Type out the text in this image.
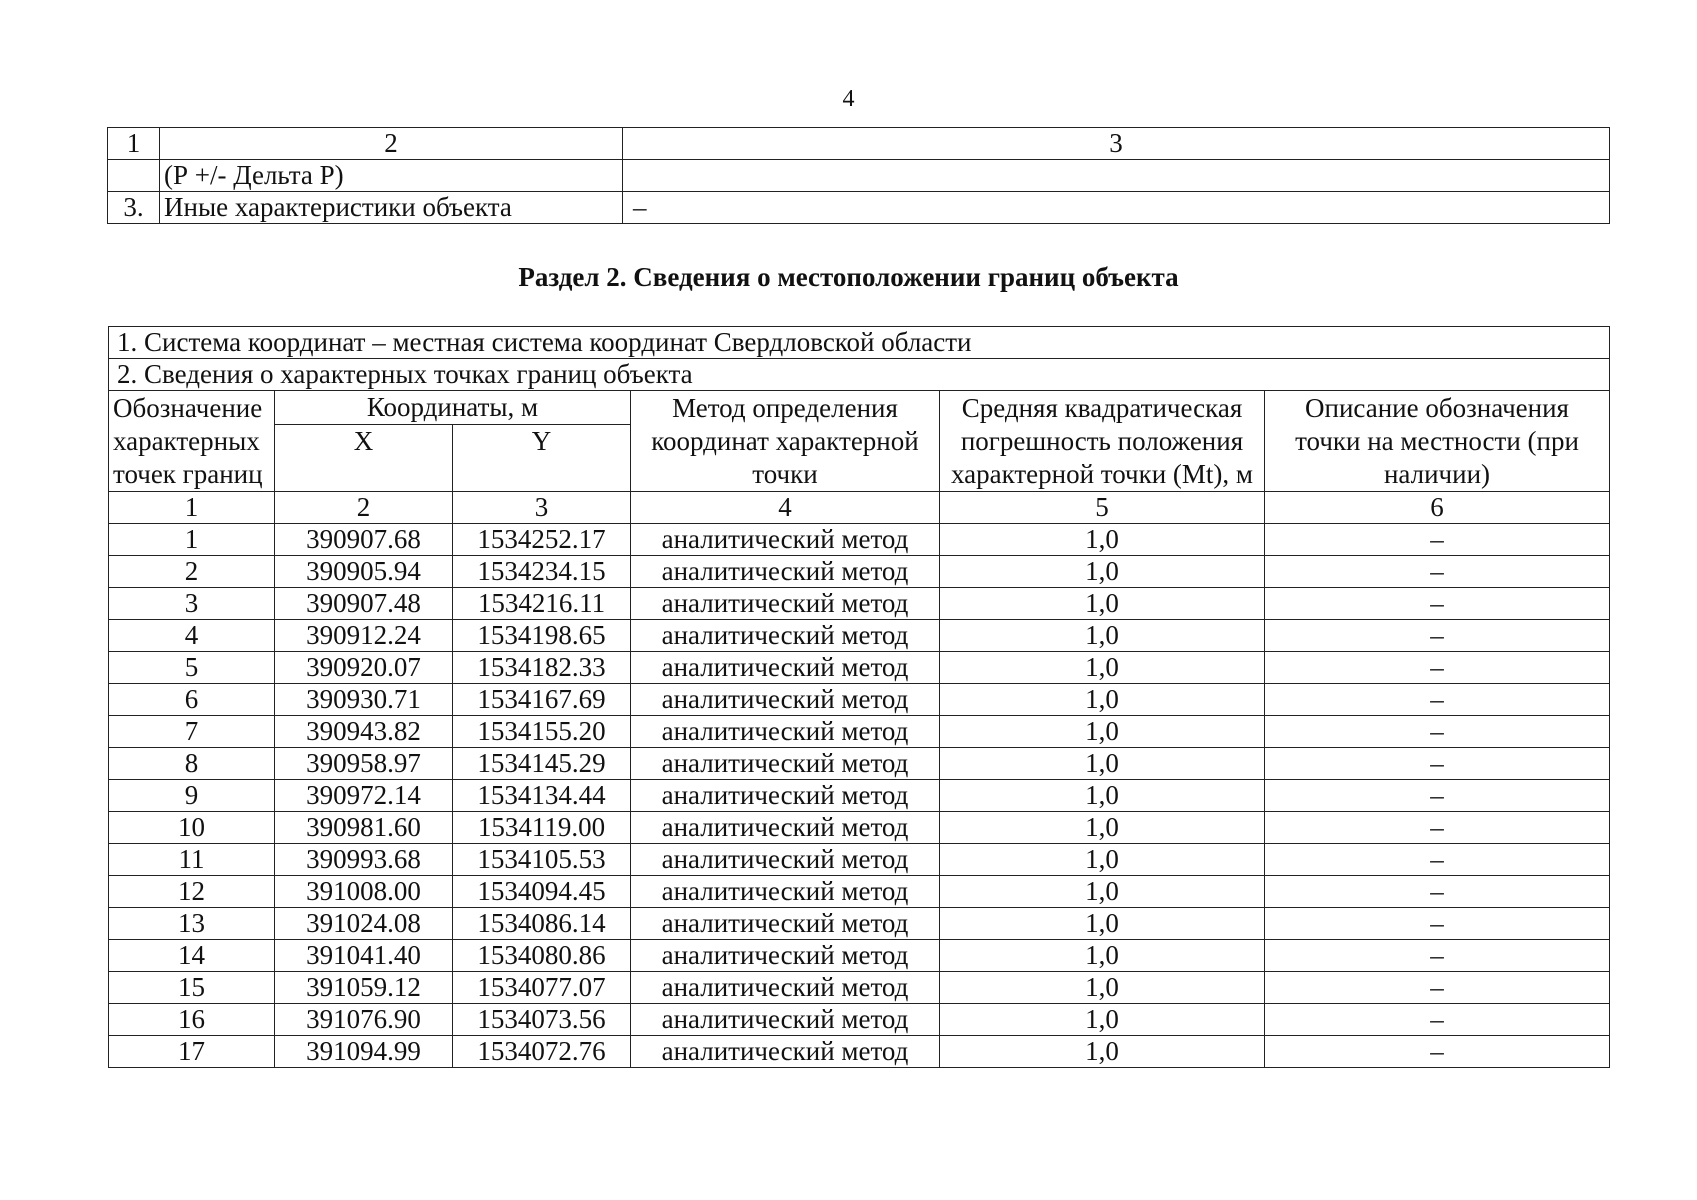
4
1	2	3
	(Р +/- Дельта Р)	
3.	Иные характеристики объекта	–
Раздел 2. Сведения о местоположении границ объекта
1. Система координат – местная система координат Свердловской области					
2. Сведения о характерных точках границ объекта					
Обозначение характерных точек границ	Координаты, м		Метод определения координат характерной точки	Средняя квадратическая погрешность положения характерной точки (Mt), м	Описание обозначения точки на местности (при наличии)
	X	Y			
1	2	3	4	5	6
1	390907.68	1534252.17	аналитический метод	1,0	–
2	390905.94	1534234.15	аналитический метод	1,0	–
3	390907.48	1534216.11	аналитический метод	1,0	–
4	390912.24	1534198.65	аналитический метод	1,0	–
5	390920.07	1534182.33	аналитический метод	1,0	–
6	390930.71	1534167.69	аналитический метод	1,0	–
7	390943.82	1534155.20	аналитический метод	1,0	–
8	390958.97	1534145.29	аналитический метод	1,0	–
9	390972.14	1534134.44	аналитический метод	1,0	–
10	390981.60	1534119.00	аналитический метод	1,0	–
11	390993.68	1534105.53	аналитический метод	1,0	–
12	391008.00	1534094.45	аналитический метод	1,0	–
13	391024.08	1534086.14	аналитический метод	1,0	–
14	391041.40	1534080.86	аналитический метод	1,0	–
15	391059.12	1534077.07	аналитический метод	1,0	–
16	391076.90	1534073.56	аналитический метод	1,0	–
17	391094.99	1534072.76	аналитический метод	1,0	–
